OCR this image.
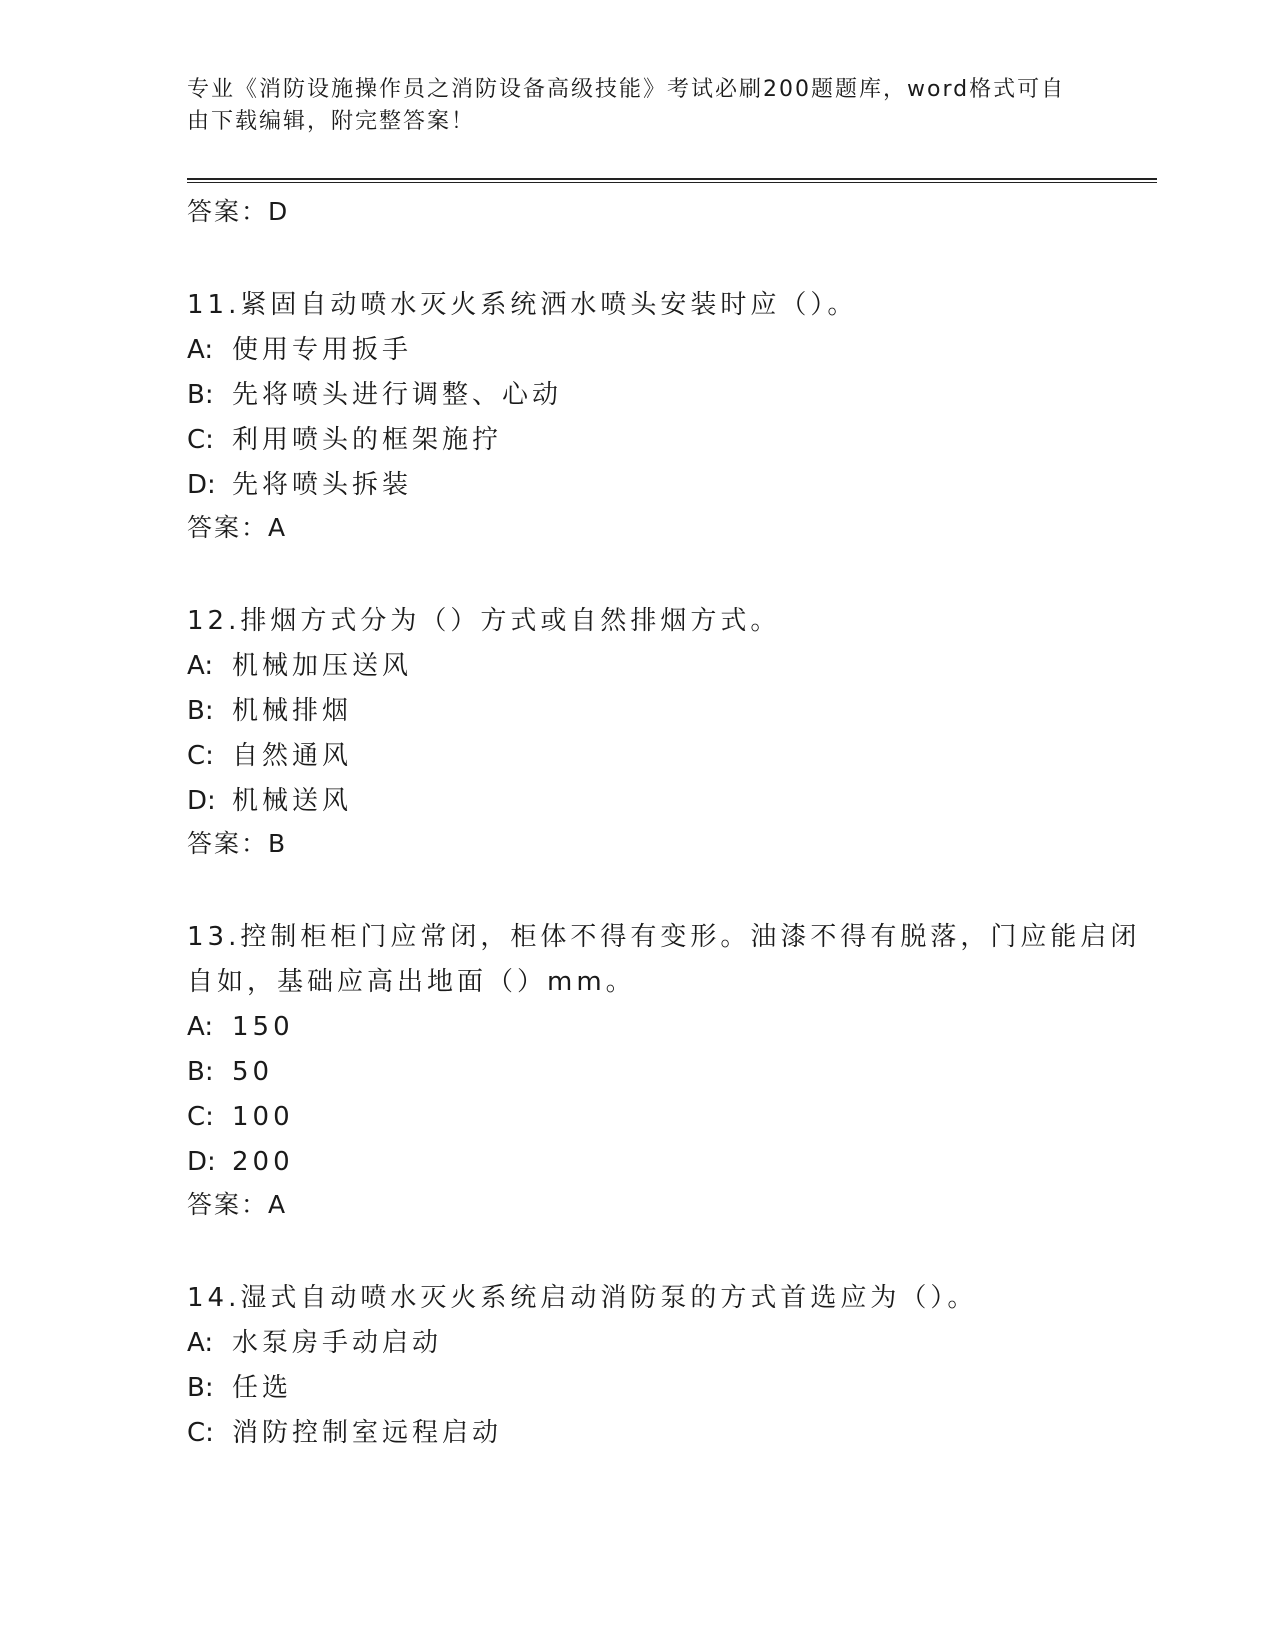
专业《消防设施操作员之消防设备高级技能》考试必刷200题题库，word格式可自由下载编辑，附完整答案！
答案：D
11.紧固自动喷水灭火系统洒水喷头安装时应（）。
A: 使用专用扳手
B: 先将喷头进行调整、心动
C: 利用喷头的框架施拧
D: 先将喷头拆装
答案：A
12.排烟方式分为（）方式或自然排烟方式。
A: 机械加压送风
B: 机械排烟
C: 自然通风
D: 机械送风
答案：B
13.控制柜柜门应常闭，柜体不得有变形。油漆不得有脱落，门应能启闭自如，基础应高出地面（）mm。
A: 150
B: 50
C: 100
D: 200
答案：A
14.湿式自动喷水灭火系统启动消防泵的方式首选应为（）。
A: 水泵房手动启动
B: 任选
C: 消防控制室远程启动
